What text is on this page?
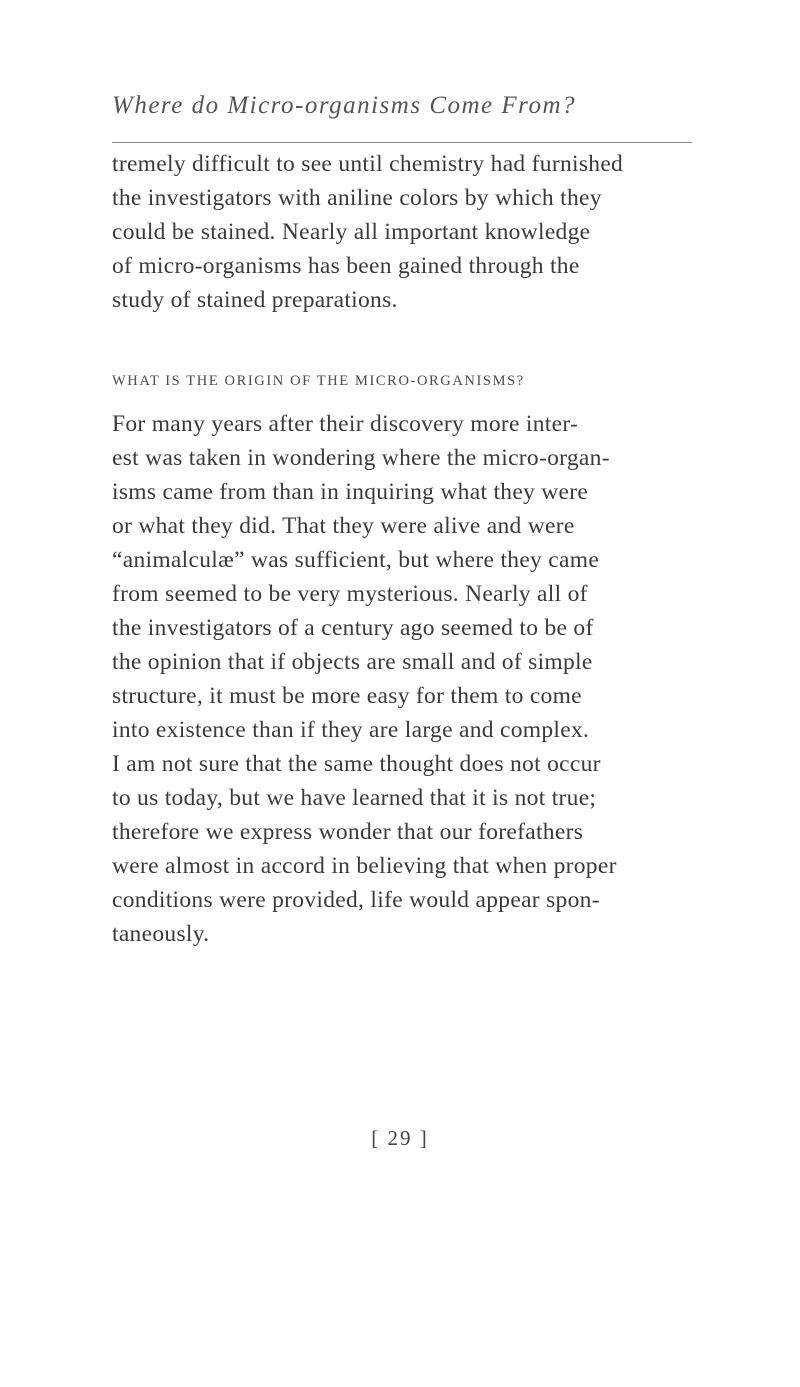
Where do Micro-organisms Come From?
tremely difficult to see until chemistry had furnished
the investigators with aniline colors by which they
could be stained. Nearly all important knowledge
of micro-organisms has been gained through the
study of stained preparations.
WHAT IS THE ORIGIN OF THE MICRO-ORGANISMS?
For many years after their discovery more inter-
est was taken in wondering where the micro-organ-
isms came from than in inquiring what they were
or what they did. That they were alive and were
“animalculæ” was sufficient, but where they came
from seemed to be very mysterious. Nearly all of
the investigators of a century ago seemed to be of
the opinion that if objects are small and of simple
structure, it must be more easy for them to come
into existence than if they are large and complex.
I am not sure that the same thought does not occur
to us today, but we have learned that it is not true;
therefore we express wonder that our forefathers
were almost in accord in believing that when proper
conditions were provided, life would appear spon-
taneously.
[ 29 ]
